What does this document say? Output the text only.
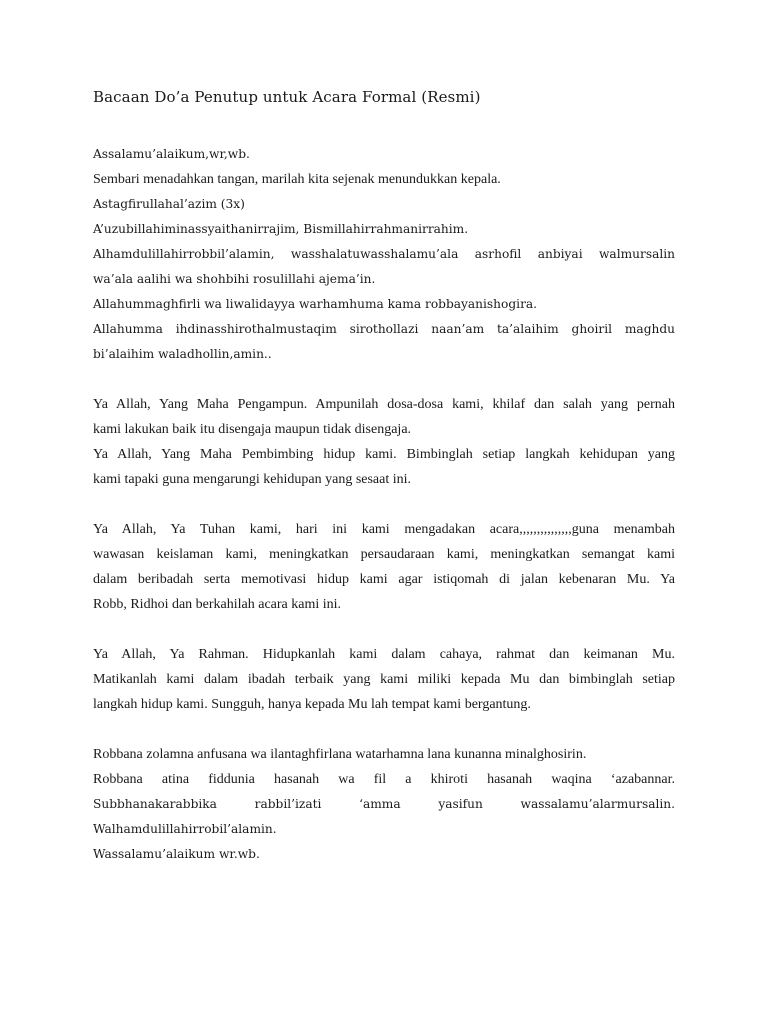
Bacaan Do’a Penutup untuk Acara Formal (Resmi)
Assalamu’alaikum,wr,wb.
Sembari menadahkan tangan, marilah kita sejenak menundukkan kepala.
Astagfirullahal’azim (3x)
A’uzubillahiminassyaithanirrajim, Bismillahirrahmanirrahim.
Alhamdulillahirrobbil’alamin, wasshalatuwasshalamu’ala asrhofil anbiyai walmursalin
wa’ala aalihi wa shohbihi rosulillahi ajema’in.
Allahummaghfirli wa liwalidayya warhamhuma kama robbayanishogira.
Allahumma ihdinasshirothalmustaqim sirothollazi naan’am ta’alaihim ghoiril maghdu
bi’alaihim waladhollin,amin..
Ya Allah, Yang Maha Pengampun. Ampunilah dosa-dosa kami, khilaf dan salah yang pernah
kami lakukan baik itu disengaja maupun tidak disengaja.
Ya Allah, Yang Maha Pembimbing hidup kami. Bimbinglah setiap langkah kehidupan yang
kami tapaki guna mengarungi kehidupan yang sesaat ini.
Ya Allah, Ya Tuhan kami, hari ini kami mengadakan acara,,,,,,,,,,,,,,,guna menambah
wawasan keislaman kami, meningkatkan persaudaraan kami, meningkatkan semangat kami
dalam beribadah serta memotivasi hidup kami agar istiqomah di jalan kebenaran Mu. Ya
Robb, Ridhoi dan berkahilah acara kami ini.
Ya Allah, Ya Rahman. Hidupkanlah kami dalam cahaya, rahmat dan keimanan Mu.
Matikanlah kami dalam ibadah terbaik yang kami miliki kepada Mu dan bimbinglah setiap
langkah hidup kami. Sungguh, hanya kepada Mu lah tempat kami bergantung.
Robbana zolamna anfusana wa ilantaghfirlana watarhamna lana kunanna minalghosirin.
Robbana atina fiddunia hasanah wa fil a khiroti hasanah waqina ‘azabannar.
Subbhanakarabbika rabbil’izati ‘amma yasifun wassalamu’alarmursalin.
Walhamdulillahirrobil’alamin.
Wassalamu’alaikum wr.wb.
